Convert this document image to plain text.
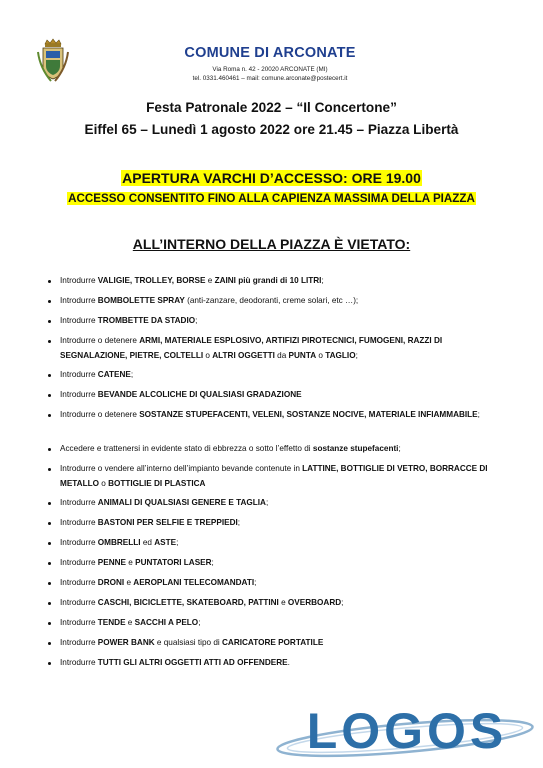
COMUNE DI ARCONATE
Via Roma n. 42 - 20020 ARCONATE (MI)
tel. 0331.460461 – mail: comune.arconate@postecert.it
Festa Patronale 2022 – “Il Concertone”
Eiffel 65 – Lunedì 1 agosto 2022 ore 21.45 – Piazza Libertà
APERTURA VARCHI D’ACCESSO: ORE 19.00
ACCESSO CONSENTITO FINO ALLA CAPIENZA MASSIMA DELLA PIAZZA
ALL’INTERNO DELLA PIAZZA È VIETATO:
Introdurre VALIGIE, TROLLEY, BORSE e ZAINI più grandi di 10 LITRI;
Introdurre BOMBOLETTE SPRAY (anti-zanzare, deodoranti, creme solari, etc …);
Introdurre TROMBETTE DA STADIO;
Introdurre o detenere ARMI, MATERIALE ESPLOSIVO, ARTIFIZI PIROTECNICI, FUMOGENI, RAZZI DI SEGNALAZIONE, PIETRE, COLTELLI o ALTRI OGGETTI da PUNTA o TAGLIO;
Introdurre CATENE;
Introdurre BEVANDE ALCOLICHE DI QUALSIASI GRADAZIONE
Introdurre o detenere SOSTANZE STUPEFACENTI, VELENI, SOSTANZE NOCIVE, MATERIALE INFIAMMABILE;
Accedere e trattenersi in evidente stato di ebbrezza o sotto l’effetto di sostanze stupefacenti;
Introdurre o vendere all’interno dell’impianto bevande contenute in LATTINE, BOTTIGLIE DI VETRO, BORRACCE DI METALLO o BOTTIGLIE DI PLASTICA
Introdurre ANIMALI DI QUALSIASI GENERE E TAGLIA;
Introdurre BASTONI PER SELFIE E TREPPIEDI;
Introdurre OMBRELLI ed ASTE;
Introdurre PENNE e PUNTATORI LASER;
Introdurre DRONI e AEROPLANI TELECOMANDATI;
Introdurre CASCHI, BICICLETTE, SKATEBOARD, PATTINI e OVERBOARD;
Introdurre TENDE e SACCHI A PELO;
Introdurre POWER BANK e qualsiasi tipo di CARICATORE PORTATILE
Introdurre TUTTI GLI ALTRI OGGETTI ATTI AD OFFENDERE.
LOGOS
